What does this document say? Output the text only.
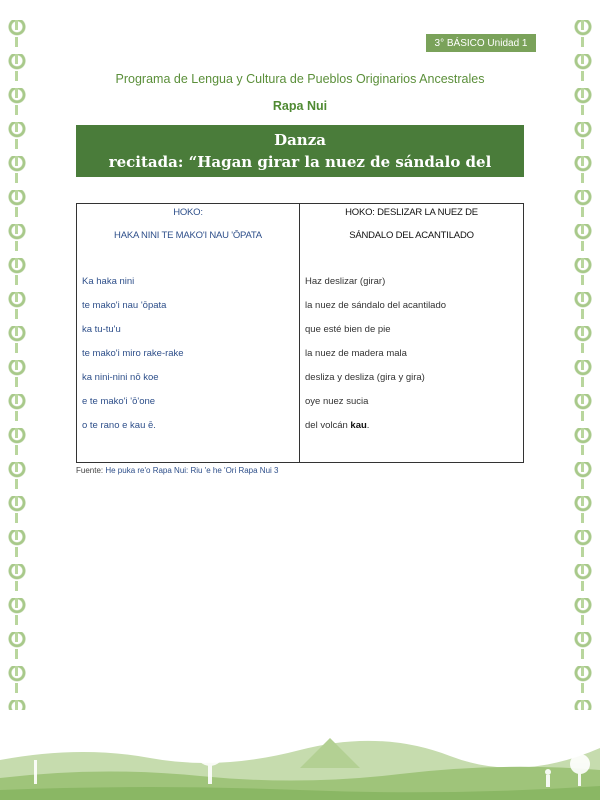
3° BÁSICO Unidad 1
Programa de Lengua y Cultura de Pueblos Originarios Ancestrales
Rapa Nui
Hoko: “HAKA NINI TE MAKO'I NAU 'ŌPATA” / Danza
recitada: “Hagan girar la nuez de sándalo del ancantilado”
HOKO:
HAKA NINI TE MAKO'I NAU 'ŌPATA
Ka haka nini
te mako'i nau 'ōpata
ka tu-tu'u
te mako'i miro rake-rake
ka nini-nini nō koe
e te mako'i 'ō'one
o te rano e kau ē.
HOKO: DESLIZAR LA NUEZ DE
SÁNDALO DEL ACANTILADO
Haz deslizar (girar)
la nuez de sándalo del acantilado
que esté bien de pie
la nuez de madera mala
desliza y desliza (gira y gira)
oye nuez sucia
del volcán kau.
Fuente: He puka re'o Rapa Nui: Riu 'e he 'Ori Rapa Nui 3
